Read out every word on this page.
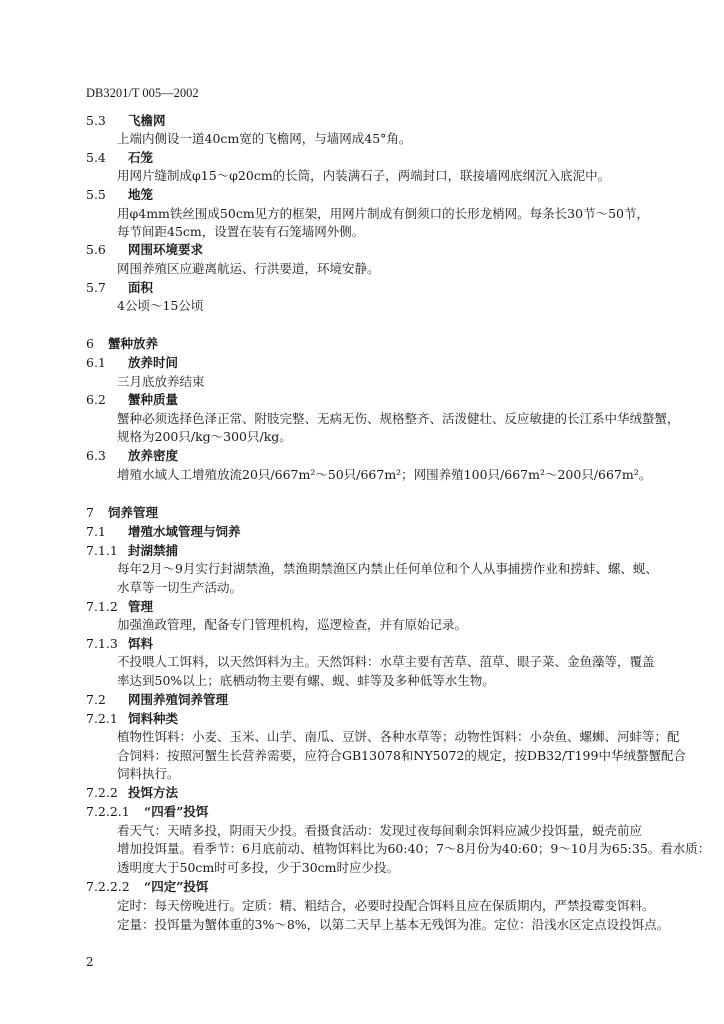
DB3201/T 005—2002
5.3 飞檐网
上端内侧设一道40cm宽的飞檐网，与墙网成45°角。
5.4 石笼
用网片缝制成φ15～φ20cm的长筒，内装满石子，两端封口，联接墙网底纲沉入底泥中。
5.5 地笼
用φ4mm铁丝围成50cm见方的框架，用网片制成有倒须口的长形龙梢网。每条长30节～50节，
每节间距45cm，设置在装有石笼墙网外侧。
5.6 网围环境要求
网围养殖区应避离航运、行洪要道，环境安静。
5.7 面积
4公顷～15公顷
6 蟹种放养
6.1 放养时间
三月底放养结束
6.2 蟹种质量
蟹种必须选择色泽正常、附肢完整、无病无伤、规格整齐、活泼健壮、反应敏捷的长江系中华绒螯蟹，
规格为200只/kg～300只/kg。
6.3 放养密度
增殖水域人工增殖放流20只/667m²～50只/667m²；网围养殖100只/667m²～200只/667m²。
7 饲养管理
7.1 增殖水域管理与饲养
7.1.1 封湖禁捕
每年2月～9月实行封湖禁渔，禁渔期禁渔区内禁止任何单位和个人从事捕捞作业和捞蚌、螺、蚬、
水草等一切生产活动。
7.1.2 管理
加强渔政管理，配备专门管理机构，巡逻检查，并有原始记录。
7.1.3 饵料
不投喂人工饵料，以天然饵料为主。天然饵料：水草主要有苦草、菹草、眼子菜、金鱼藻等，覆盖
率达到50%以上；底栖动物主要有螺、蚬、蚌等及多种低等水生物。
7.2 网围养殖饲养管理
7.2.1 饲料种类
植物性饵料：小麦、玉米、山芋、南瓜、豆饼、各种水草等；动物性饵料：小杂鱼、螺蛳、河蚌等；配
合饲料：按照河蟹生长营养需要，应符合GB13078和NY5072的规定，按DB32/T199中华绒螯蟹配合
饲料执行。
7.2.2 投饵方法
7.2.2.1 “四看”投饵
看天气：天晴多投，阴雨天少投。看摄食活动：发现过夜每间剩余饵料应减少投饵量，蜕壳前应
增加投饵量。看季节：6月底前动、植物饵料比为60:40；7～8月份为40:60；9～10月为65:35。看水质：
透明度大于50cm时可多投，少于30cm时应少投。
7.2.2.2 “四定”投饵
定时：每天傍晚进行。定质：精、粗结合，必要时投配合饵料且应在保质期内，严禁投霉变饵料。
定量：投饵量为蟹体重的3%～8%，以第二天早上基本无残饵为准。定位：沿浅水区定点设投饵点。
2
